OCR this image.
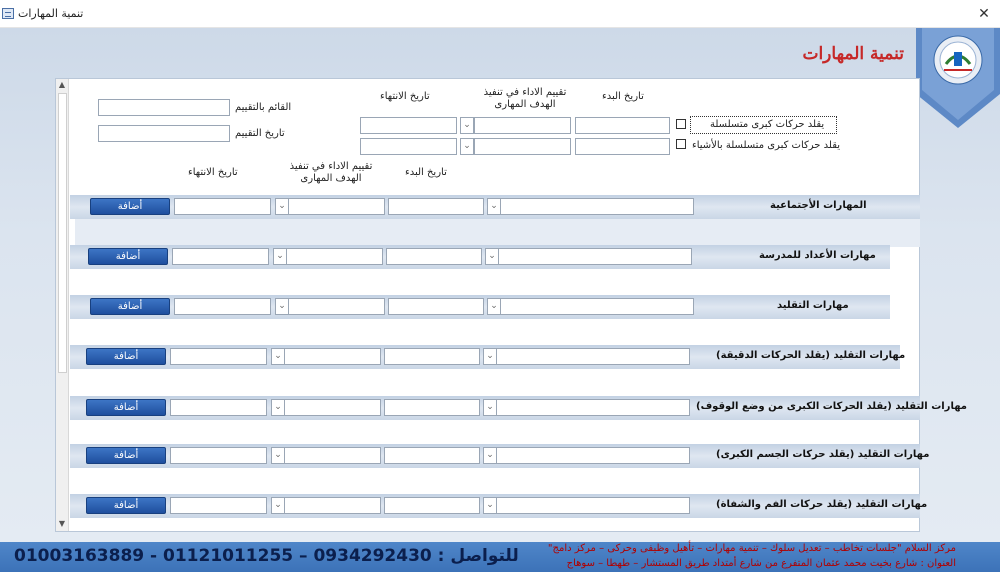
تنمية المهارات	✕
تنمية المهارات
▲
▼
تاريخ البدء
تقييم الاداء في تنفيذ الهدف المهارى
تاريخ الانتهاء
القائم بالتقييم
تاريخ التقييم
يقلد حركات كبرى متسلسلة
⌄
يقلد حركات كبرى متسلسلة بالأشياء
⌄
تاريخ البدء
تقييم الاداء في تنفيذ الهدف المهارى
تاريخ الانتهاء
المهارات الأجتماعية
⌄
⌄
أضافة
مهارات الأعداد للمدرسة
⌄
⌄
أضافة
مهارات التقليد
⌄
⌄
أضافة
مهارات التقليد (يقلد الحركات الدقيقة)
⌄
⌄
أضافة
مهارات التقليد (يقلد الحركات الكبرى من وضع الوقوف)
⌄
⌄
أضافة
مهارات التقليد (يقلد حركات الجسم الكبرى)
⌄
⌄
أضافة
مهارات التقليد (يقلد حركات الفم والشفاة)
⌄
⌄
أضافة
01003163889 - 01121011255 – 0934292430 : للتواصل	مركز السلام "جلسات تخاطب – تعديل سلوك – تنمية مهارات – تأهيل وظيفى وحركى – مركز دامج"
العنوان : شارع بخيت محمد عثمان المتفرع من شارع أمتداد طريق المستشار – طهطا – سوهاج
